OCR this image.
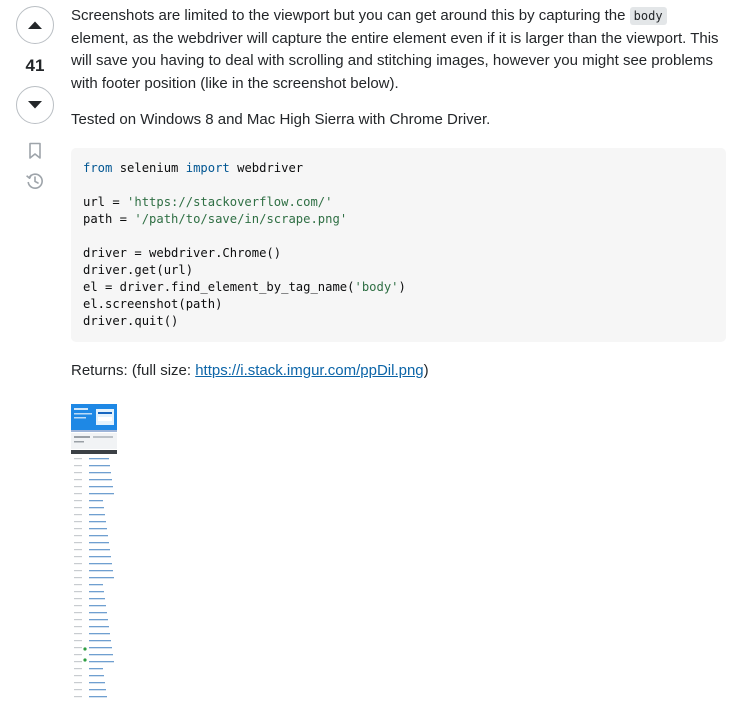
41

Screenshots are limited to the viewport but you can get around this by capturing the body element, as the webdriver will capture the entire element even if it is larger than the viewport. This will save you having to deal with scrolling and stitching images, however you might see problems with footer position (like in the screenshot below).

Tested on Windows 8 and Mac High Sierra with Chrome Driver.

from selenium import webdriver

url = 'https://stackoverflow.com/'
path = '/path/to/save/in/scrape.png'

driver = webdriver.Chrome()
driver.get(url)
el = driver.find_element_by_tag_name('body')
el.screenshot(path)
driver.quit()

Returns: (full size: https://i.stack.imgur.com/ppDil.png)
